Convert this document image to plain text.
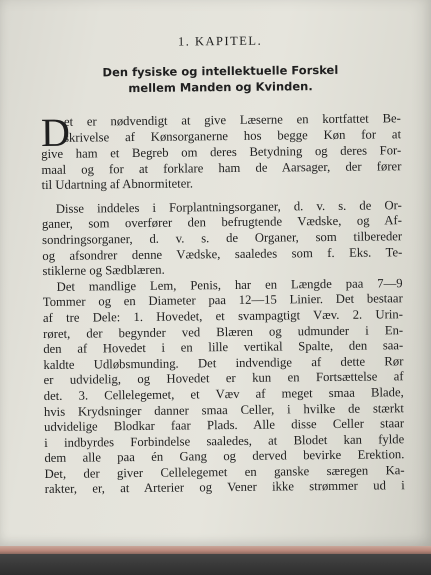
1. KAPITEL.
Den fysiske og intellektuelle Forskel
mellem Manden og Kvinden.
D
et er nødvendigt at give Læserne en kortfattet Be-
skrivelse af Kønsorganerne hos begge Køn for at
give ham et Begreb om deres Betydning og deres For-
maal og for at forklare ham de Aarsager, der fører
til Udartning af Abnormiteter.
Disse inddeles i Forplantningsorganer, d. v. s. de Or-
ganer, som overfører den befrugtende Vædske, og Af-
sondringsorganer, d. v. s. de Organer, som tilbereder
og afsondrer denne Vædske, saaledes som f. Eks. Te-
stiklerne og Sædblæren.
Det mandlige Lem, Penis, har en Længde paa 7—9
Tommer og en Diameter paa 12—15 Linier. Det bestaar
af tre Dele: 1. Hovedet, et svampagtigt Væv. 2. Urin-
røret, der begynder ved Blæren og udmunder i En-
den af Hovedet i en lille vertikal Spalte, den saa-
kaldte Udløbsmunding. Det indvendige af dette Rør
er udvidelig, og Hovedet er kun en Fortsættelse af
det. 3. Cellelegemet, et Væv af meget smaa Blade,
hvis Krydsninger danner smaa Celler, i hvilke de stærkt
udvidelige Blodkar faar Plads. Alle disse Celler staar
i indbyrdes Forbindelse saaledes, at Blodet kan fylde
dem alle paa én Gang og derved bevirke Erektion.
Det, der giver Cellelegemet en ganske særegen Ka-
rakter, er, at Arterier og Vener ikke strømmer ud i
